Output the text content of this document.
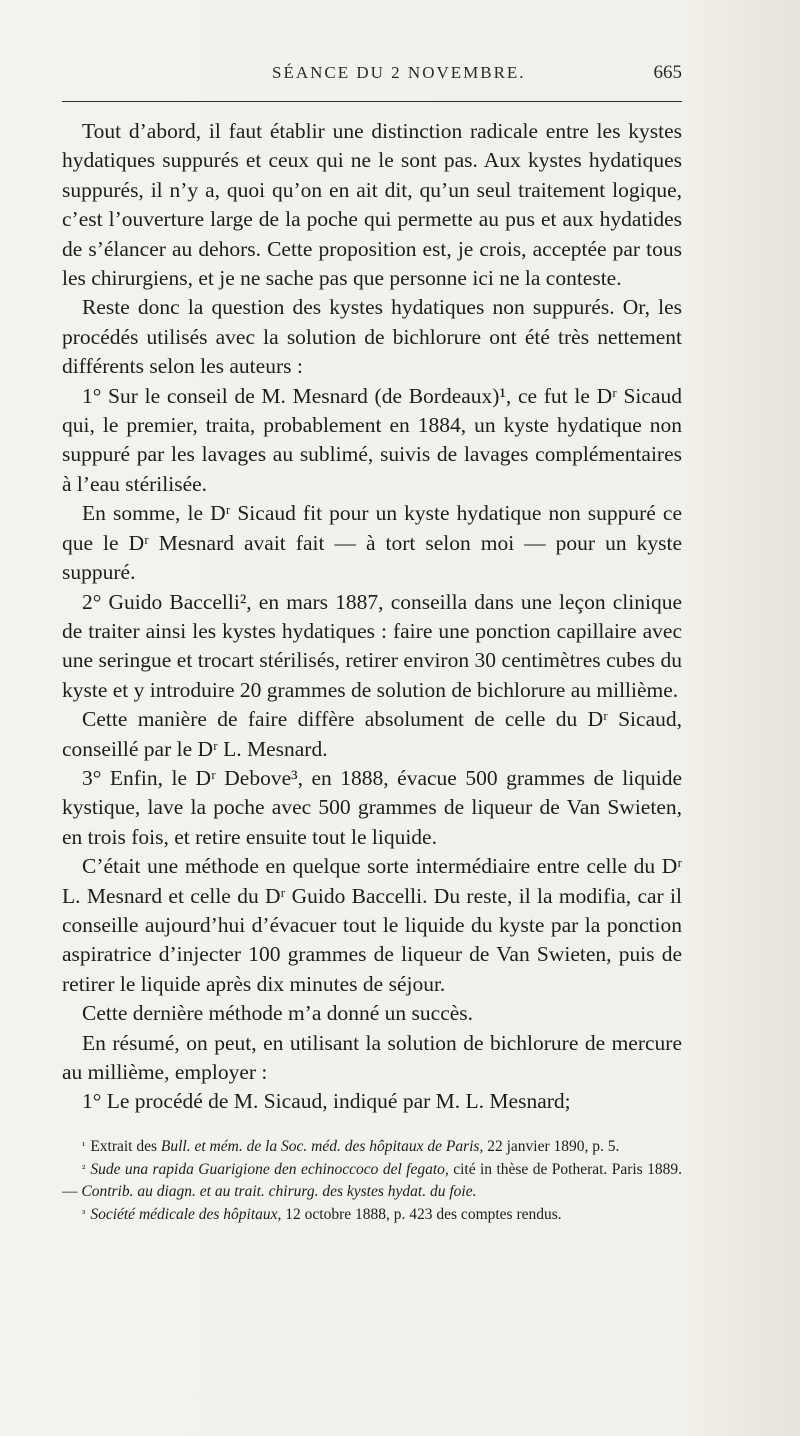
SÉANCE DU 2 NOVEMBRE.	665

Tout d’abord, il faut établir une distinction radicale entre les kystes hydatiques suppurés et ceux qui ne le sont pas. Aux kystes hydatiques suppurés, il n’y a, quoi qu’on en ait dit, qu’un seul traitement logique, c’est l’ouverture large de la poche qui permette au pus et aux hydatides de s’élancer au dehors. Cette proposition est, je crois, acceptée par tous les chirurgiens, et je ne sache pas que personne ici ne la conteste.

Reste donc la question des kystes hydatiques non suppurés. Or, les procédés utilisés avec la solution de bichlorure ont été très nettement différents selon les auteurs :

1° Sur le conseil de M. Mesnard (de Bordeaux)¹, ce fut le Dʳ Sicaud qui, le premier, traita, probablement en 1884, un kyste hydatique non suppuré par les lavages au sublimé, suivis de lavages complémentaires à l’eau stérilisée.

En somme, le Dʳ Sicaud fit pour un kyste hydatique non suppuré ce que le Dʳ Mesnard avait fait — à tort selon moi — pour un kyste suppuré.

2° Guido Baccelli², en mars 1887, conseilla dans une leçon clinique de traiter ainsi les kystes hydatiques : faire une ponction capillaire avec une seringue et trocart stérilisés, retirer environ 30 centimètres cubes du kyste et y introduire 20 grammes de solution de bichlorure au millième.

Cette manière de faire diffère absolument de celle du Dʳ Sicaud, conseillé par le Dʳ L. Mesnard.

3° Enfin, le Dʳ Debove³, en 1888, évacue 500 grammes de liquide kystique, lave la poche avec 500 grammes de liqueur de Van Swieten, en trois fois, et retire ensuite tout le liquide.

C’était une méthode en quelque sorte intermédiaire entre celle du Dʳ L. Mesnard et celle du Dʳ Guido Baccelli. Du reste, il la modifia, car il conseille aujourd’hui d’évacuer tout le liquide du kyste par la ponction aspiratrice d’injecter 100 grammes de liqueur de Van Swieten, puis de retirer le liquide après dix minutes de séjour.

Cette dernière méthode m’a donné un succès.

En résumé, on peut, en utilisant la solution de bichlorure de mercure au millième, employer :

1° Le procédé de M. Sicaud, indiqué par M. L. Mesnard;

$^{^1}$ Extrait des Bull. et mém. de la Soc. méd. des hôpitaux de Paris, 22 janvier 1890, p. 5.

$^{^2}$ Sude una rapida Guarigione den echinoccoco del fegato, cité in thèse de Potherat. Paris 1889. — Contrib. au diagn. et au trait. chirurg. des kystes hydat. du foie.

$^{^3}$ Société médicale des hôpitaux, 12 octobre 1888, p. 423 des comptes rendus.
